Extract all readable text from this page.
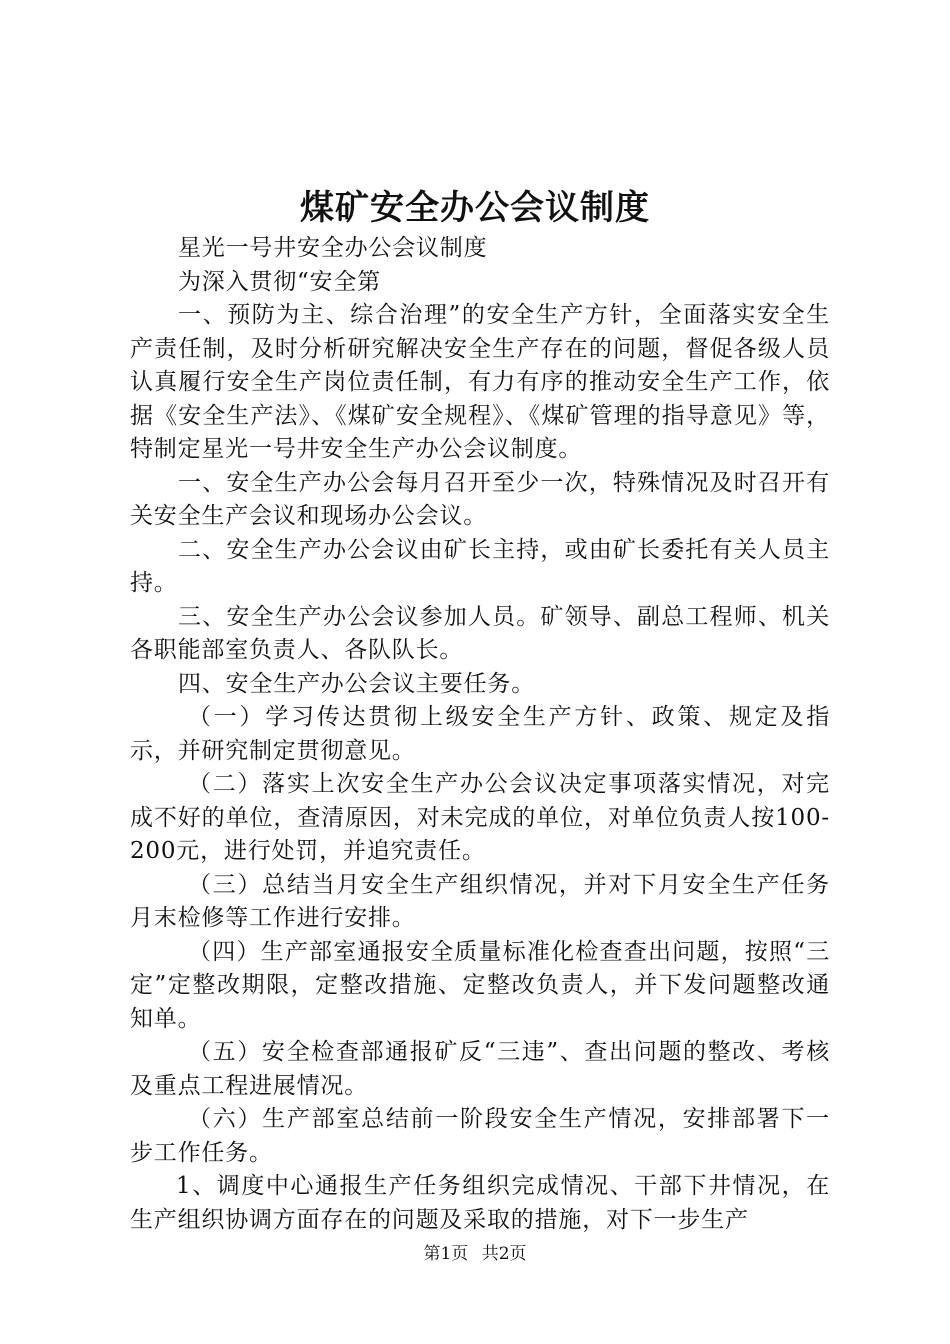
煤矿安全办公会议制度

星光一号井安全办公会议制度

为深入贯彻“安全第

一、预防为主、综合治理”的安全生产方针，全面落实安全生产责任制，及时分析研究解决安全生产存在的问题，督促各级人员认真履行安全生产岗位责任制，有力有序的推动安全生产工作，依据《安全生产法》、《煤矿安全规程》、《煤矿管理的指导意见》等，特制定星光一号井安全生产办公会议制度。

一、安全生产办公会每月召开至少一次，特殊情况及时召开有关安全生产会议和现场办公会议。

二、安全生产办公会议由矿长主持，或由矿长委托有关人员主持。

三、安全生产办公会议参加人员。矿领导、副总工程师、机关各职能部室负责人、各队队长。

四、安全生产办公会议主要任务。

（一）学习传达贯彻上级安全生产方针、政策、规定及指示，并研究制定贯彻意见。

（二）落实上次安全生产办公会议决定事项落实情况，对完成不好的单位，查清原因，对未完成的单位，对单位负责人按100-200元，进行处罚，并追究责任。

（三）总结当月安全生产组织情况，并对下月安全生产任务月末检修等工作进行安排。

（四）生产部室通报安全质量标准化检查查出问题，按照“三定”定整改期限，定整改措施、定整改负责人，并下发问题整改通知单。

（五）安全检查部通报矿反“三违”、查出问题的整改、考核及重点工程进展情况。

（六）生产部室总结前一阶段安全生产情况，安排部署下一步工作任务。

1、调度中心通报生产任务组织完成情况、干部下井情况，在生产组织协调方面存在的问题及采取的措施，对下一步生产

第1页 共2页
